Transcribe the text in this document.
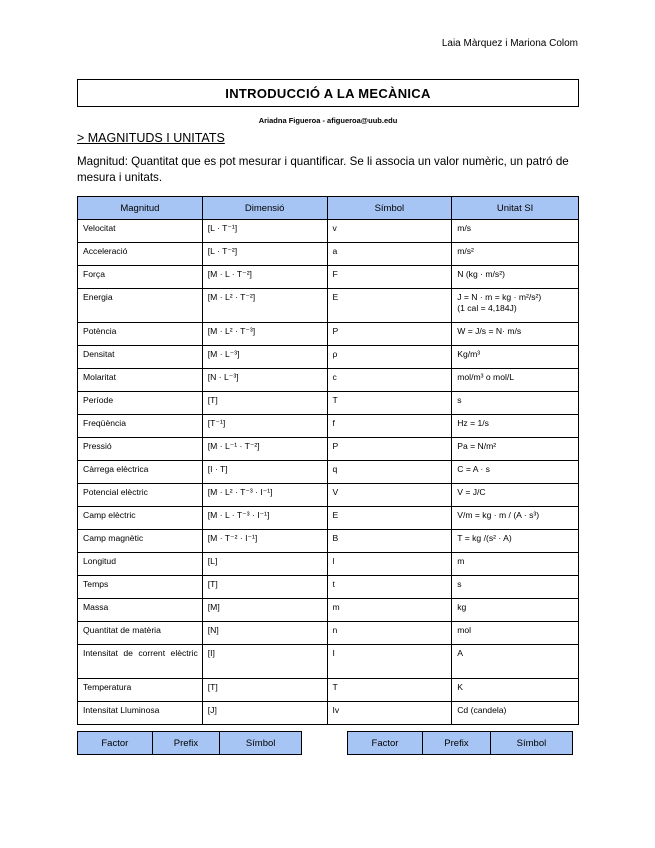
Laia Màrquez i Mariona Colom
INTRODUCCIÓ A LA MECÀNICA
Ariadna Figueroa - afigueroa@uub.edu
> MAGNITUDS I UNITATS
Magnitud: Quantitat que es pot mesurar i quantificar. Se li associa un valor numèric, un patró de mesura i unitats.
Magnitud	Dimensió	Símbol	Unitat SI
Velocitat	[L · T⁻¹]	v	m/s
Acceleració	[L · T⁻²]	a	m/s²
Força	[M · L · T⁻²]	F	N (kg · m/s²)
Energia	[M · L² · T⁻²]	E	J = N · m = kg · m²/s²)
(1 cal = 4,184J)
Potència	[M · L² · T⁻³]	P	W = J/s = N· m/s
Densitat	[M · L⁻³]	ρ	Kg/m³
Molaritat	[N · L⁻³]	c	mol/m³ o mol/L
Període	[T]	T	s
Freqüència	[T⁻¹]	f	Hz = 1/s
Pressió	[M · L⁻¹ · T⁻²]	P	Pa = N/m²
Càrrega elèctrica	[I · T]	q	C = A · s
Potencial elèctric	[M · L² · T⁻³ · I⁻¹]	V	V = J/C
Camp elèctric	[M · L · T⁻³ · I⁻¹]	E	V/m = kg · m / (A · s³)
Camp magnètic	[M · T⁻² · I⁻¹]	B	T = kg /(s² · A)
Longitud	[L]	l	m
Temps	[T]	t	s
Massa	[M]	m	kg
Quantitat de matèria	[N]	n	mol
Intensitat de corrent elèctric	[I]	I	A
Temperatura	[T]	T	K
Intensitat Lluminosa	[J]	Iv	Cd (candela)
Factor	Prefix	Símbol	Factor	Prefix	Símbol
